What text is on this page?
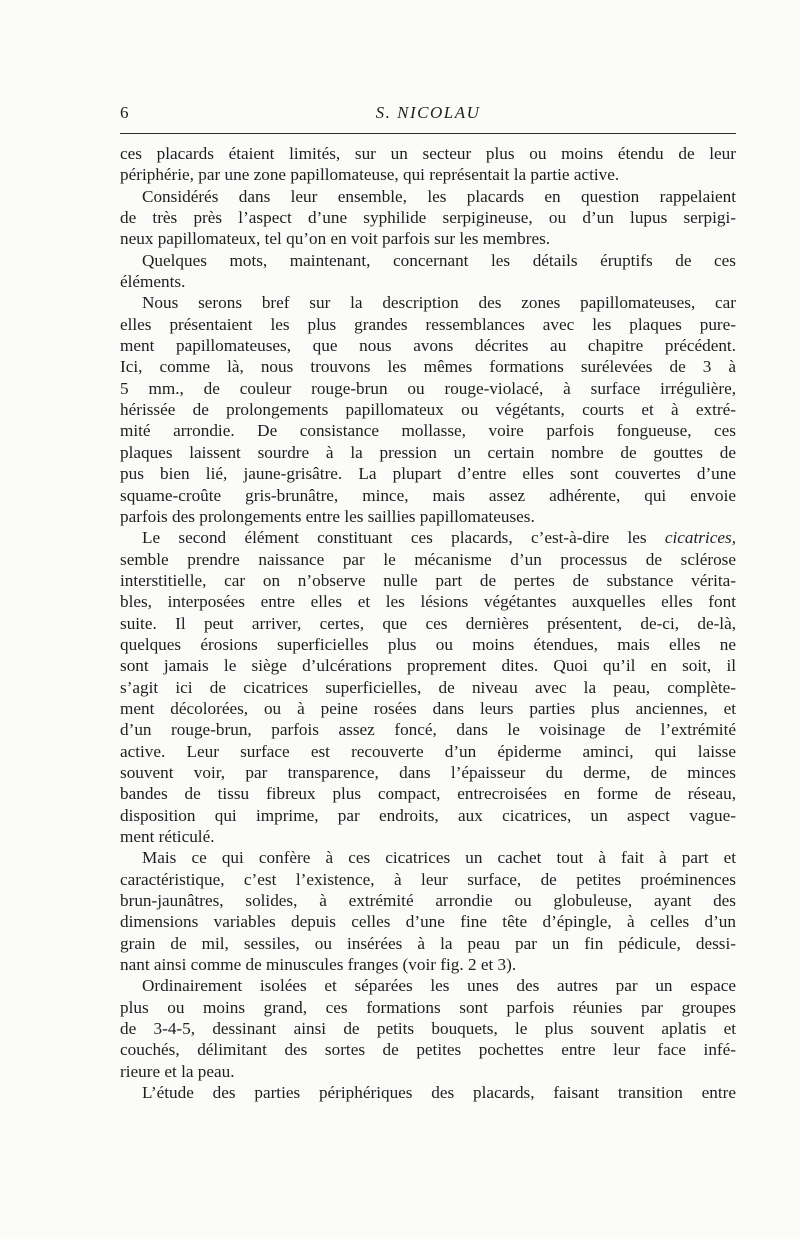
6	S. NICOLAU
ces placards étaient limités, sur un secteur plus ou moins étendu de leur
périphérie, par une zone papillomateuse, qui représentait la partie active.
Considérés dans leur ensemble, les placards en question rappelaient
de très près l’aspect d’une syphilide serpigineuse, ou d’un lupus serpigi-
neux papillomateux, tel qu’on en voit parfois sur les membres.
Quelques mots, maintenant, concernant les détails éruptifs de ces
éléments.
Nous serons bref sur la description des zones papillomateuses, car
elles présentaient les plus grandes ressemblances avec les plaques pure-
ment papillomateuses, que nous avons décrites au chapitre précédent.
Ici, comme là, nous trouvons les mêmes formations surélevées de 3 à
5 mm., de couleur rouge-brun ou rouge-violacé, à surface irrégulière,
hérissée de prolongements papillomateux ou végétants, courts et à extré-
mité arrondie. De consistance mollasse, voire parfois fongueuse, ces
plaques laissent sourdre à la pression un certain nombre de gouttes de
pus bien lié, jaune-grisâtre. La plupart d’entre elles sont couvertes d’une
squame-croûte gris-brunâtre, mince, mais assez adhérente, qui envoie
parfois des prolongements entre les saillies papillomateuses.
Le second élément constituant ces placards, c’est-à-dire les cicatrices,
semble prendre naissance par le mécanisme d’un processus de sclérose
interstitielle, car on n’observe nulle part de pertes de substance vérita-
bles, interposées entre elles et les lésions végétantes auxquelles elles font
suite. Il peut arriver, certes, que ces dernières présentent, de-ci, de-là,
quelques érosions superficielles plus ou moins étendues, mais elles ne
sont jamais le siège d’ulcérations proprement dites. Quoi qu’il en soit, il
s’agit ici de cicatrices superficielles, de niveau avec la peau, complète-
ment décolorées, ou à peine rosées dans leurs parties plus anciennes, et
d’un rouge-brun, parfois assez foncé, dans le voisinage de l’extrémité
active. Leur surface est recouverte d’un épiderme aminci, qui laisse
souvent voir, par transparence, dans l’épaisseur du derme, de minces
bandes de tissu fibreux plus compact, entrecroisées en forme de réseau,
disposition qui imprime, par endroits, aux cicatrices, un aspect vague-
ment réticulé.
Mais ce qui confère à ces cicatrices un cachet tout à fait à part et
caractéristique, c’est l’existence, à leur surface, de petites proéminences
brun-jaunâtres, solides, à extrémité arrondie ou globuleuse, ayant des
dimensions variables depuis celles d’une fine tête d’épingle, à celles d’un
grain de mil, sessiles, ou insérées à la peau par un fin pédicule, dessi-
nant ainsi comme de minuscules franges (voir fig. 2 et 3).
Ordinairement isolées et séparées les unes des autres par un espace
plus ou moins grand, ces formations sont parfois réunies par groupes
de 3-4-5, dessinant ainsi de petits bouquets, le plus souvent aplatis et
couchés, délimitant des sortes de petites pochettes entre leur face infé-
rieure et la peau.
L’étude des parties périphériques des placards, faisant transition entre
